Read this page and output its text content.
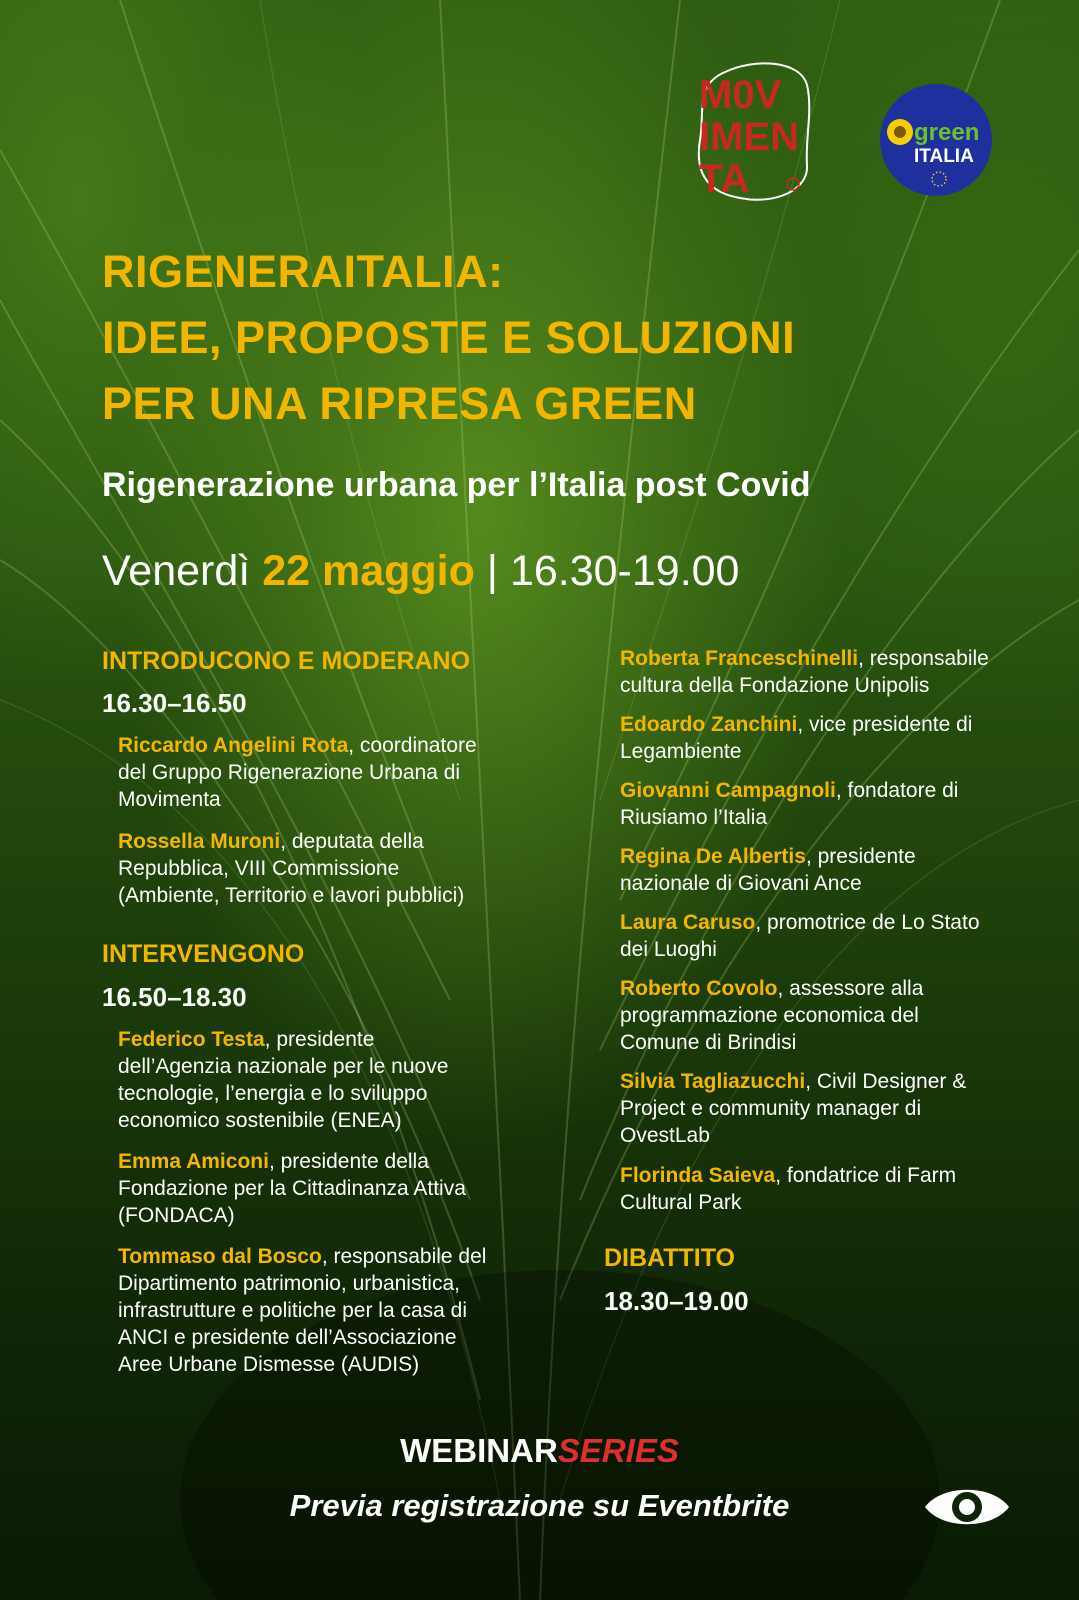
M0V
IMEN
TA
green
ITALIA
RIGENERAITALIA:
IDEE, PROPOSTE E SOLUZIONI
PER UNA RIPRESA GREEN
Rigenerazione urbana per l’Italia post Covid
Venerdì 22 maggio | 16.30-19.00
INTRODUCONO E MODERANO
16.30–16.50
Riccardo Angelini Rota, coordinatore
del Gruppo Rigenerazione Urbana di
Movimenta
Rossella Muroni, deputata della
Repubblica, VIII Commissione
(Ambiente, Territorio e lavori pubblici)
INTERVENGONO
16.50–18.30
Federico Testa, presidente
dell’Agenzia nazionale per le nuove
tecnologie, l’energia e lo sviluppo
economico sostenibile (ENEA)
Emma Amiconi, presidente della
Fondazione per la Cittadinanza Attiva
(FONDACA)
Tommaso dal Bosco, responsabile del
Dipartimento patrimonio, urbanistica,
infrastrutture e politiche per la casa di
ANCI e presidente dell’Associazione
Aree Urbane Dismesse (AUDIS)
Roberta Franceschinelli, responsabile
cultura della Fondazione Unipolis
Edoardo Zanchini, vice presidente di
Legambiente
Giovanni Campagnoli, fondatore di
Riusiamo l’Italia
Regina De Albertis, presidente
nazionale di Giovani Ance
Laura Caruso, promotrice de Lo Stato
dei Luoghi
Roberto Covolo, assessore alla
programmazione economica del
Comune di Brindisi
Silvia Tagliazucchi, Civil Designer &
Project e community manager di
OvestLab
Florinda Saieva, fondatrice di Farm
Cultural Park
DIBATTITO
18.30–19.00
WEBINARSERIES
Previa registrazione su Eventbrite
